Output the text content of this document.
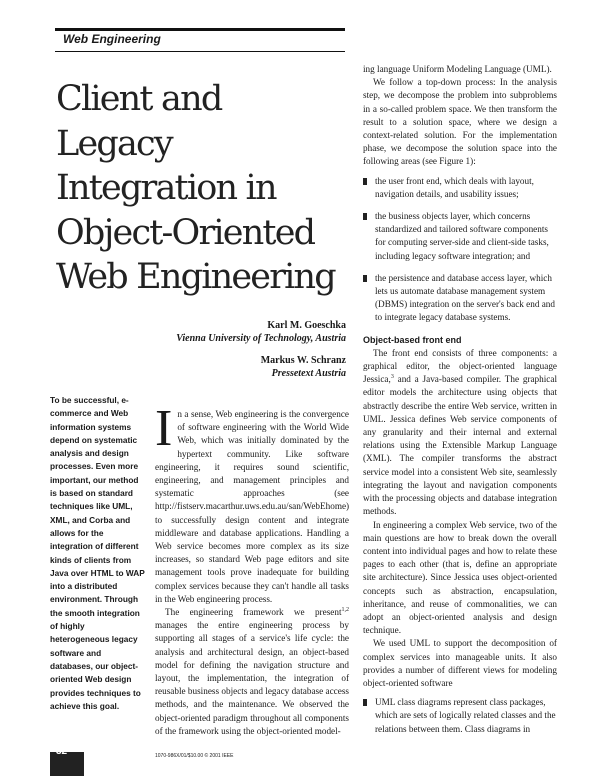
Web Engineering
Client and
Legacy
Integration in
Object-Oriented
Web Engineering
Karl M. Goeschka
Vienna University of Technology, Austria
Markus W. Schranz
Pressetext Austria
To be successful, e-commerce and Web information systems depend on systematic analysis and design processes. Even more important, our method is based on standard techniques like UML, XML, and Corba and allows for the integration of different kinds of clients from Java over HTML to WAP into a distributed environment. Through the smooth integration of highly heterogeneous legacy software and databases, our object-oriented Web design provides techniques to achieve this goal.

In a sense, Web engineering is the convergence of software engineering with the World Wide Web, which was initially dominated by the hypertext community. Like software engineering, it requires sound scientific, engineering, and management principles and systematic approaches (see http://fistserv.macarthur.uws.edu.au/san/WebEhome) to successfully design content and integrate middleware and database applications. Handling a Web service becomes more complex as its size increases, so standard Web page editors and site management tools prove inadequate for building complex services because they can't handle all tasks in the Web engineering process.

The engineering framework we present$^{1,2}$ manages the entire engineering process by supporting all stages of a service's life cycle: the analysis and architectural design, an object-based model for defining the navigation structure and layout, the implementation, the integration of reusable business objects and legacy database access methods, and the maintenance. We observed the object-oriented paradigm throughout all components of the framework using the object-oriented model-

ing language Uniform Modeling Language (UML).

We follow a top-down process: In the analysis step, we decompose the problem into subproblems in a so-called problem space. We then transform the result to a solution space, where we design a context-related solution. For the implementation phase, we decompose the solution space into the following areas (see Figure 1):

the user front end, which deals with layout, navigation details, and usability issues;
the business objects layer, which concerns standardized and tailored software components for computing server-side and client-side tasks, including legacy software integration; and
the persistence and database access layer, which lets us automate database management system (DBMS) integration on the server's back end and to integrate legacy database systems.
Object-based front end

The front end consists of three components: a graphical editor, the object-oriented language Jessica,$^3$ and a Java-based compiler. The graphical editor models the architecture using objects that abstractly describe the entire Web service, written in UML. Jessica defines Web service components of any granularity and their internal and external relations using the Extensible Markup Language (XML). The compiler transforms the abstract service model into a consistent Web site, seamlessly integrating the layout and navigation components with the processing objects and database integration methods.

In engineering a complex Web service, two of the main questions are how to break down the overall content into individual pages and how to relate these pages to each other (that is, define an appropriate site architecture). Since Jessica uses object-oriented concepts such as abstraction, encapsulation, inheritance, and reuse of commonalities, we can adopt an object-oriented analysis and design technique.

We used UML to support the decomposition of complex services into manageable units. It also provides a number of different views for modeling object-oriented software

UML class diagrams represent class packages, which are sets of logically related classes and the relations between them. Class diagrams in
32	1070-986X/01/$10.00 © 2001 IEEE
